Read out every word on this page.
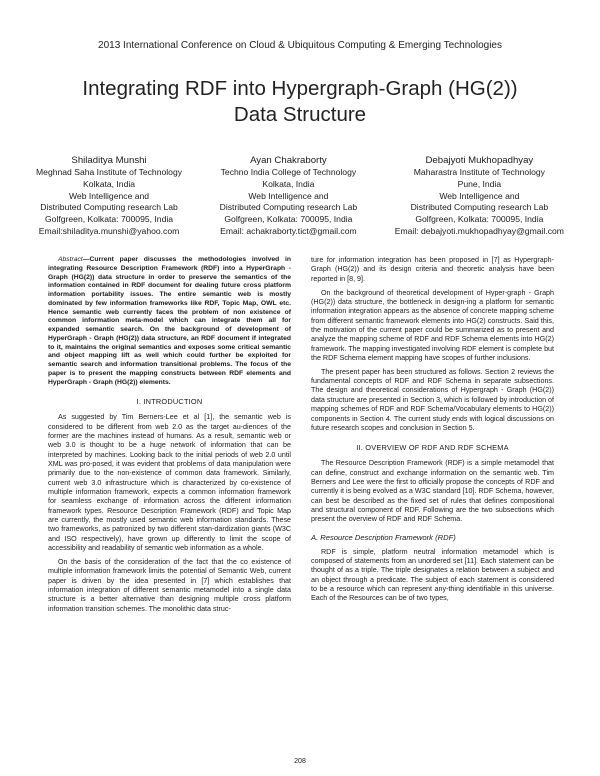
2013 International Conference on Cloud & Ubiquitous Computing & Emerging Technologies
Integrating RDF into Hypergraph-Graph (HG(2))
Data Structure
Shiladitya Munshi
Meghnad Saha Institute of Technology
Kolkata, India
Web Intelligence and
Distributed Computing research Lab
Golfgreen, Kolkata: 700095, India
Email:shiladitya.munshi@yahoo.com
Ayan Chakraborty
Techno India College of Technology
Kolkata, India
Web Intelligence and
Distributed Computing research Lab
Golfgreen, Kolkata: 700095, India
Email: achakraborty.tict@gmail.com
Debajyoti Mukhopadhyay
Maharastra Institute of Technology
Pune, India
Web Intelligence and
Distributed Computing research Lab
Golfgreen, Kolkata: 700095, India
Email: debajyoti.mukhopadhyay@gmail.com

Abstract—Current paper discusses the methodologies involved in integrating Resource Description Framework (RDF) into a HyperGraph - Graph (HG(2)) data structure in order to preserve the semantics of the information contained in RDF document for dealing future cross platform information portability issues. The entire semantic web is mostly dominated by few information frameworks like RDF, Topic Map, OWL etc. Hence semantic web currently faces the problem of non existence of common information meta-model which can integrate them all for expanded semantic search. On the background of development of HyperGraph - Graph (HG(2)) data structure, an RDF document if integrated to it, maintains the original semantics and exposes some critical semantic and object mapping lift as well which could further be exploited for semantic search and information transitional problems. The focus of the paper is to present the mapping constructs between RDF elements and HyperGraph - Graph (HG(2)) elements.

I. INTRODUCTION

As suggested by Tim Berners-Lee et al [1], the semantic web is considered to be different from web 2.0 as the target au-diences of the former are the machines instead of humans. As a result, semantic web or web 3.0 is thought to be a huge network of information that can be interpreted by machines. Looking back to the initial periods of web 2.0 until XML was pro-posed, it was evident that problems of data manipulation were primarily due to the non-existence of common data framework. Similarly, current web 3.0 infrastructure which is characterized by co-existence of multiple information framework, expects a common information framework for seamless exchange of information across the different information framework types. Resource Description Framework (RDF) and Topic Map are currently, the mostly used semantic web information standards. These two frameworks, as patronized by two different stan-dardization giants (W3C and ISO respectively), have grown up differently to limit the scope of accessibility and readability of semantic web information as a whole.

On the basis of the consideration of the fact that the co existence of multiple information framework limits the potential of Semantic Web, current paper is driven by the idea presented in [7] which establishes that information integration of different semantic metamodel into a single data structure is a better alternative than designing multiple cross platform information transition schemes. The monolithic data struc-

ture for information integration has been proposed in [7] as Hypergraph-Graph (HG(2)) and its design criteria and theoretic analysis have been reported in [8, 9].

On the background of theoretical development of Hyper-graph - Graph (HG(2)) data structure, the bottleneck in design-ing a platform for semantic information integration appears as the absence of concrete mapping scheme from different semantic framework elements into HG(2) constructs. Said this, the motivation of the current paper could be summarized as to present and analyze the mapping scheme of RDF and RDF Schema elements into HG(2) framework. The mapping investigated involving RDF element is complete but the RDF Schema element mapping have scopes of further inclusions.

The present paper has been structured as follows. Section 2 reviews the fundamental concepts of RDF and RDF Schema in separate subsections. The design and theoretical considerations of Hypergraph - Graph (HG(2)) data structure are presented in Section 3, which is followed by introduction of mapping schemes of RDF and RDF Schema/Vocabulary elements to HG(2)) components in Section 4. The current study ends with logical discussions on future research scopes and conclusion in Section 5.

II. OVERVIEW OF RDF AND RDF SCHEMA

The Resource Description Framework (RDF) is a simple metamodel that can define, construct and exchange information on the semantic web. Tim Berners and Lee were the first to officially propose the concepts of RDF and currently it is being evolved as a W3C standard [10]. RDF Schema, however, can best be described as the fixed set of rules that defines compositional and structural component of RDF. Following are the two subsections which present the overview of RDF and RDF Schema.

A. Resource Description Framework (RDF)

RDF is simple, platform neutral information metamodel which is composed of statements from an unordered set [11]. Each statement can be thought of as a triple. The triple designates a relation between a subject and an object through a predicate. The subject of each statement is considered to be a resource which can represent any-thing identifiable in this universe. Each of the Resources can be of two types,

208
